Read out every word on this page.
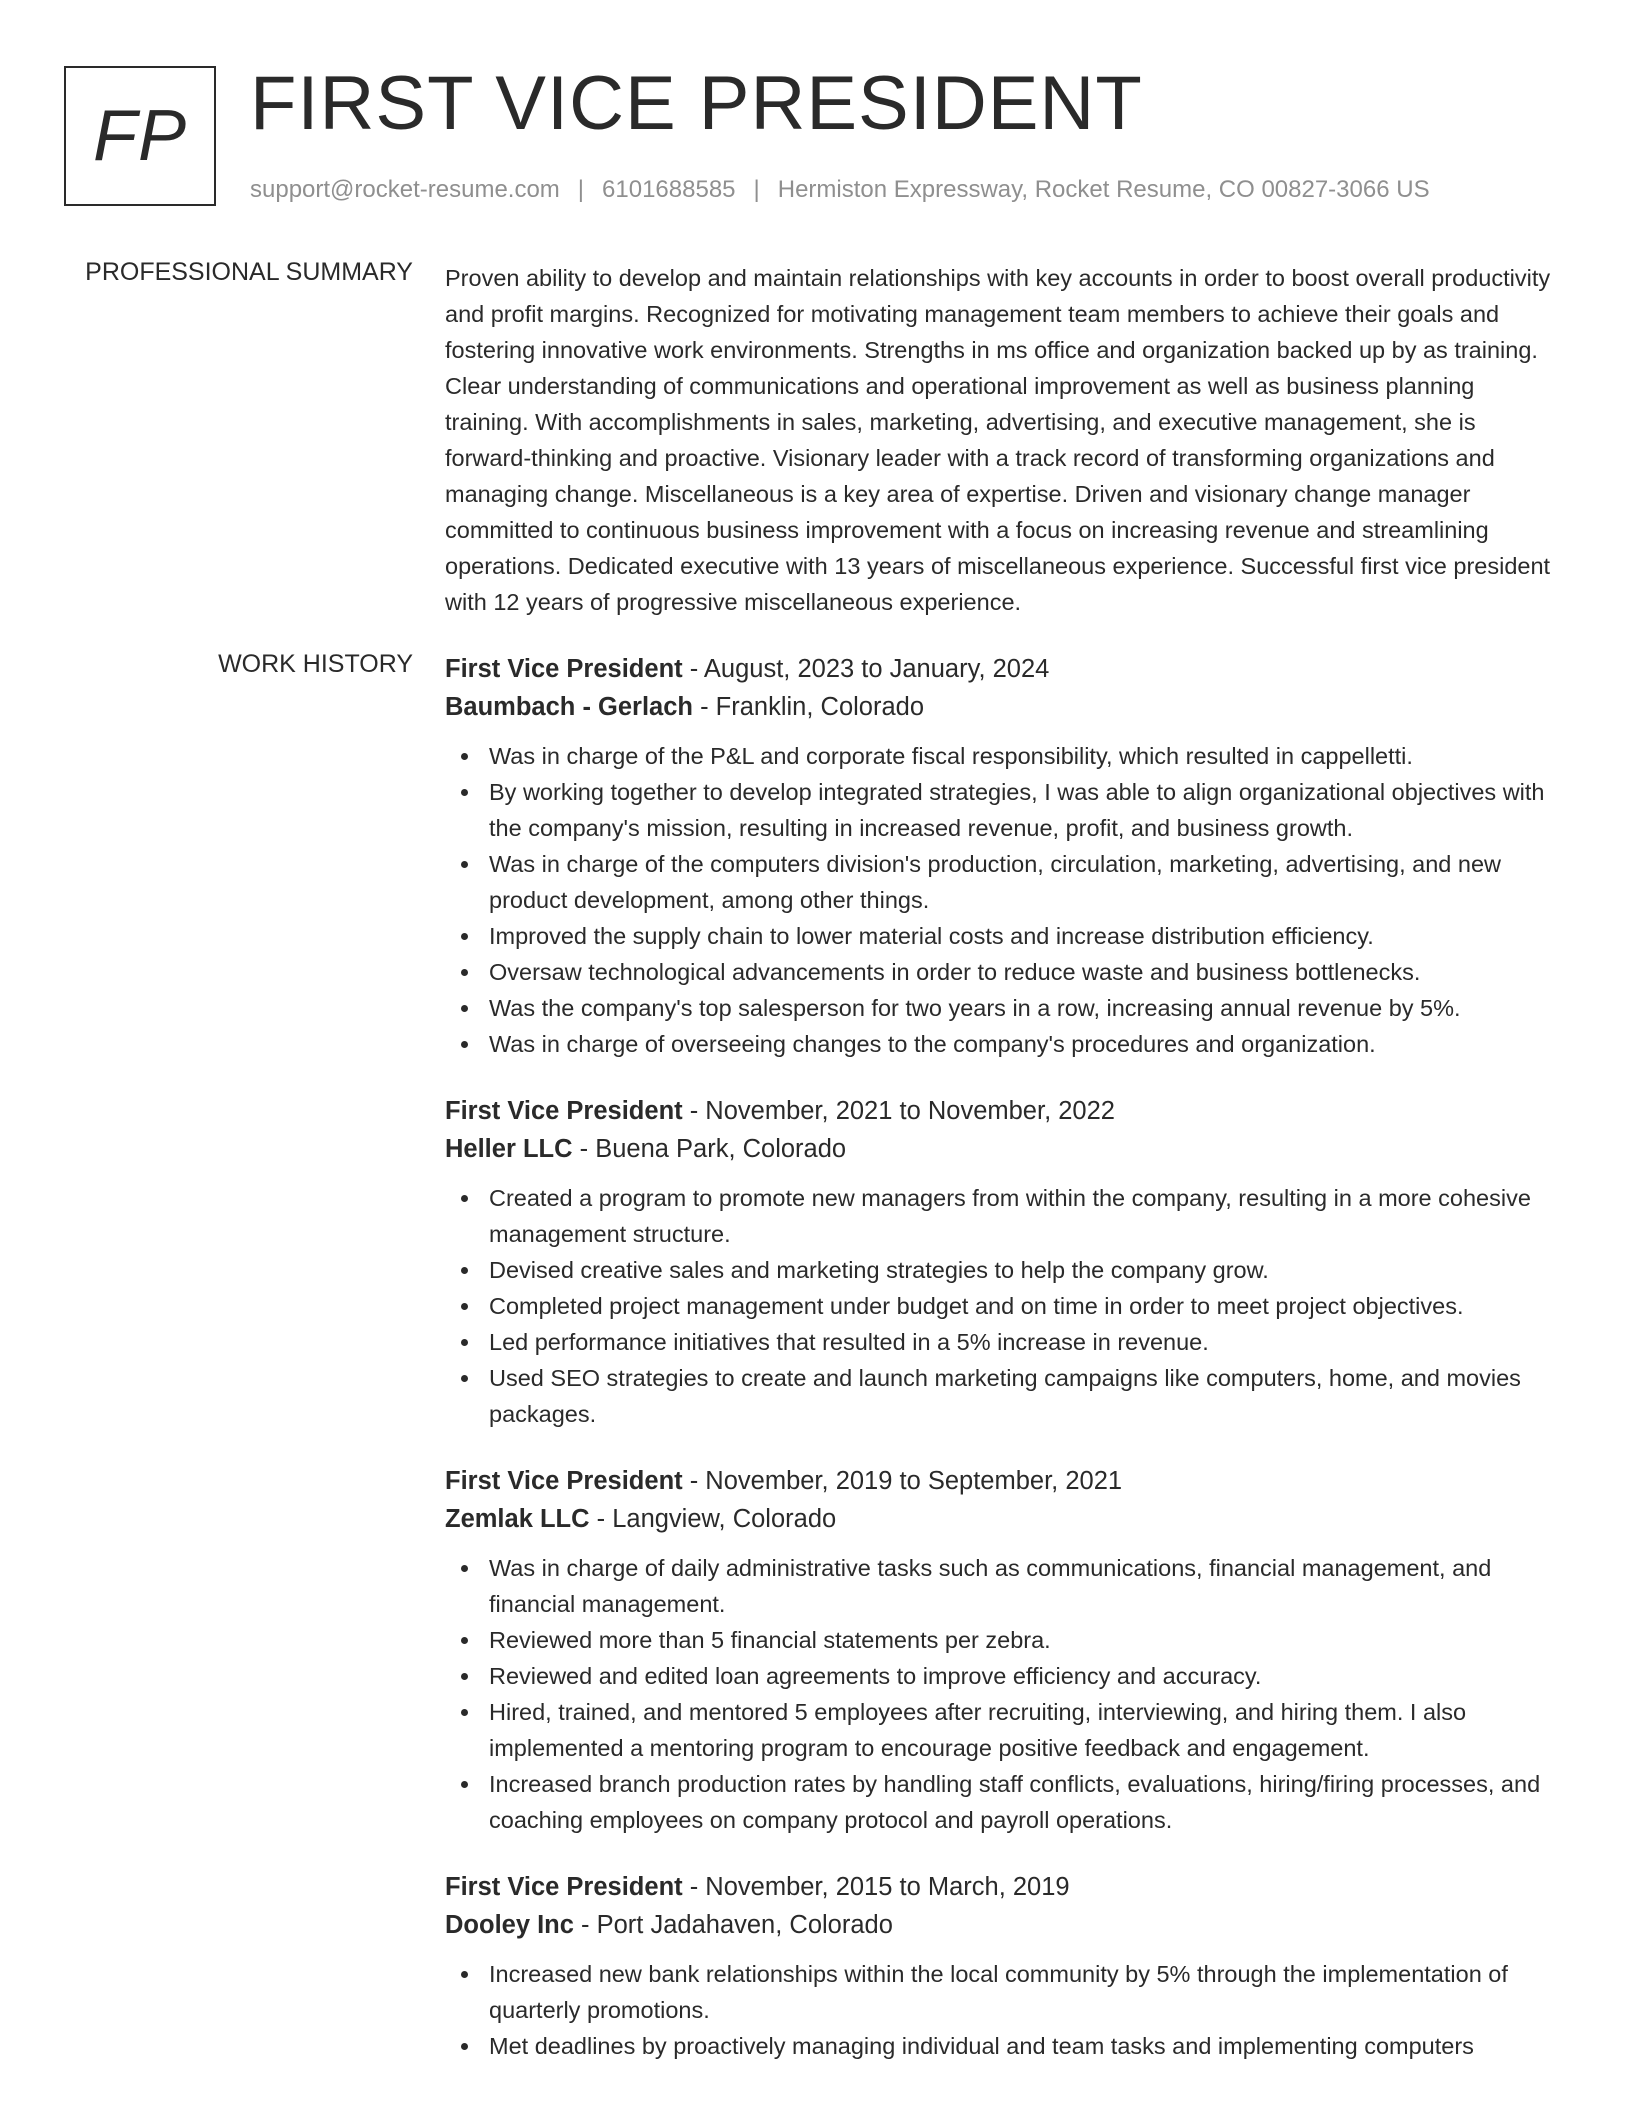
FP FIRST VICE PRESIDENT
support@rocket-resume.com | 6101688585 | Hermiston Expressway, Rocket Resume, CO 00827-3066 US
PROFESSIONAL SUMMARY Proven ability to develop and maintain relationships with key accounts in order to boost overall productivity and profit margins. Recognized for motivating management team members to achieve their goals and fostering innovative work environments. Strengths in ms office and organization backed up by as training. Clear understanding of communications and operational improvement as well as business planning training. With accomplishments in sales, marketing, advertising, and executive management, she is forward-thinking and proactive. Visionary leader with a track record of transforming organizations and managing change. Miscellaneous is a key area of expertise. Driven and visionary change manager committed to continuous business improvement with a focus on increasing revenue and streamlining operations. Dedicated executive with 13 years of miscellaneous experience. Successful first vice president with 12 years of progressive miscellaneous experience.

WORK HISTORY First Vice President - August, 2023 to January, 2024

Baumbach - Gerlach - Franklin, Colorado

Was in charge of the P&L and corporate fiscal responsibility, which resulted in cappelletti.
By working together to develop integrated strategies, I was able to align organizational objectives with the company's mission, resulting in increased revenue, profit, and business growth.
Was in charge of the computers division's production, circulation, marketing, advertising, and new product development, among other things.
Improved the supply chain to lower material costs and increase distribution efficiency.
Oversaw technological advancements in order to reduce waste and business bottlenecks.
Was the company's top salesperson for two years in a row, increasing annual revenue by 5%.
Was in charge of overseeing changes to the company's procedures and organization.

First Vice President - November, 2021 to November, 2022

Heller LLC - Buena Park, Colorado

Created a program to promote new managers from within the company, resulting in a more cohesive management structure.
Devised creative sales and marketing strategies to help the company grow.
Completed project management under budget and on time in order to meet project objectives.
Led performance initiatives that resulted in a 5% increase in revenue.
Used SEO strategies to create and launch marketing campaigns like computers, home, and movies packages.

First Vice President - November, 2019 to September, 2021

Zemlak LLC - Langview, Colorado

Was in charge of daily administrative tasks such as communications, financial management, and financial management.
Reviewed more than 5 financial statements per zebra.
Reviewed and edited loan agreements to improve efficiency and accuracy.
Hired, trained, and mentored 5 employees after recruiting, interviewing, and hiring them. I also implemented a mentoring program to encourage positive feedback and engagement.
Increased branch production rates by handling staff conflicts, evaluations, hiring/firing processes, and coaching employees on company protocol and payroll operations.

First Vice President - November, 2015 to March, 2019

Dooley Inc - Port Jadahaven, Colorado

Increased new bank relationships within the local community by 5% through the implementation of quarterly promotions.
Met deadlines by proactively managing individual and team tasks and implementing computers
